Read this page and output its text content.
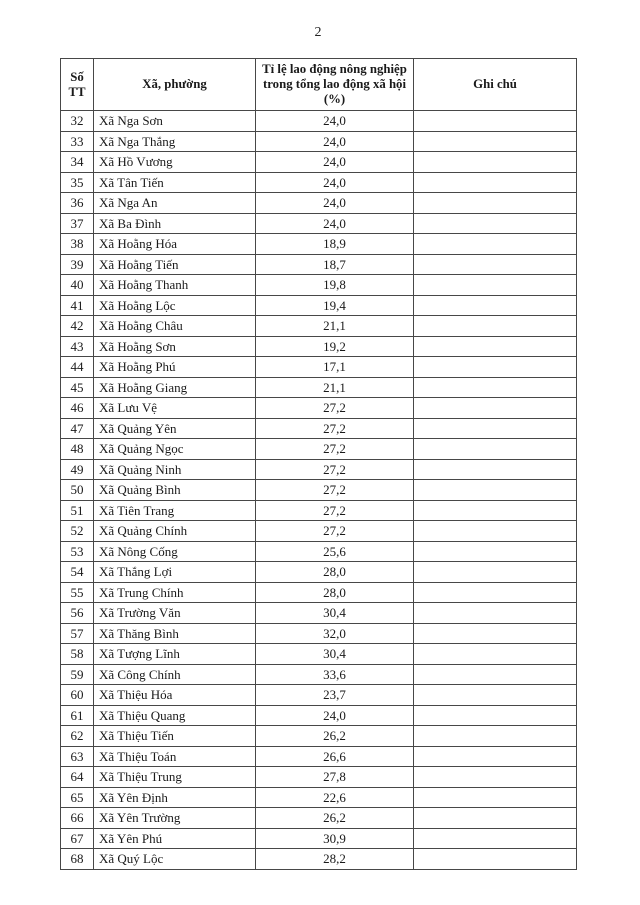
2
Số TT	Xã, phường	Tỉ lệ lao động nông nghiệp trong tổng lao động xã hội (%)	Ghi chú
32	Xã Nga Sơn	24,0	
33	Xã Nga Thắng	24,0	
34	Xã Hồ Vương	24,0	
35	Xã Tân Tiến	24,0	
36	Xã Nga An	24,0	
37	Xã Ba Đình	24,0	
38	Xã Hoằng Hóa	18,9	
39	Xã Hoằng Tiến	18,7	
40	Xã Hoằng Thanh	19,8	
41	Xã Hoằng Lộc	19,4	
42	Xã Hoằng Châu	21,1	
43	Xã Hoằng Sơn	19,2	
44	Xã Hoằng Phú	17,1	
45	Xã Hoằng Giang	21,1	
46	Xã Lưu Vệ	27,2	
47	Xã Quảng Yên	27,2	
48	Xã Quảng Ngọc	27,2	
49	Xã Quảng Ninh	27,2	
50	Xã Quảng Bình	27,2	
51	Xã Tiên Trang	27,2	
52	Xã Quảng Chính	27,2	
53	Xã Nông Cống	25,6	
54	Xã Thắng Lợi	28,0	
55	Xã Trung Chính	28,0	
56	Xã Trường Văn	30,4	
57	Xã Thăng Bình	32,0	
58	Xã Tượng Lĩnh	30,4	
59	Xã Công Chính	33,6	
60	Xã Thiệu Hóa	23,7	
61	Xã Thiệu Quang	24,0	
62	Xã Thiệu Tiến	26,2	
63	Xã Thiệu Toán	26,6	
64	Xã Thiệu Trung	27,8	
65	Xã Yên Định	22,6	
66	Xã Yên Trường	26,2	
67	Xã Yên Phú	30,9	
68	Xã Quý Lộc	28,2	
